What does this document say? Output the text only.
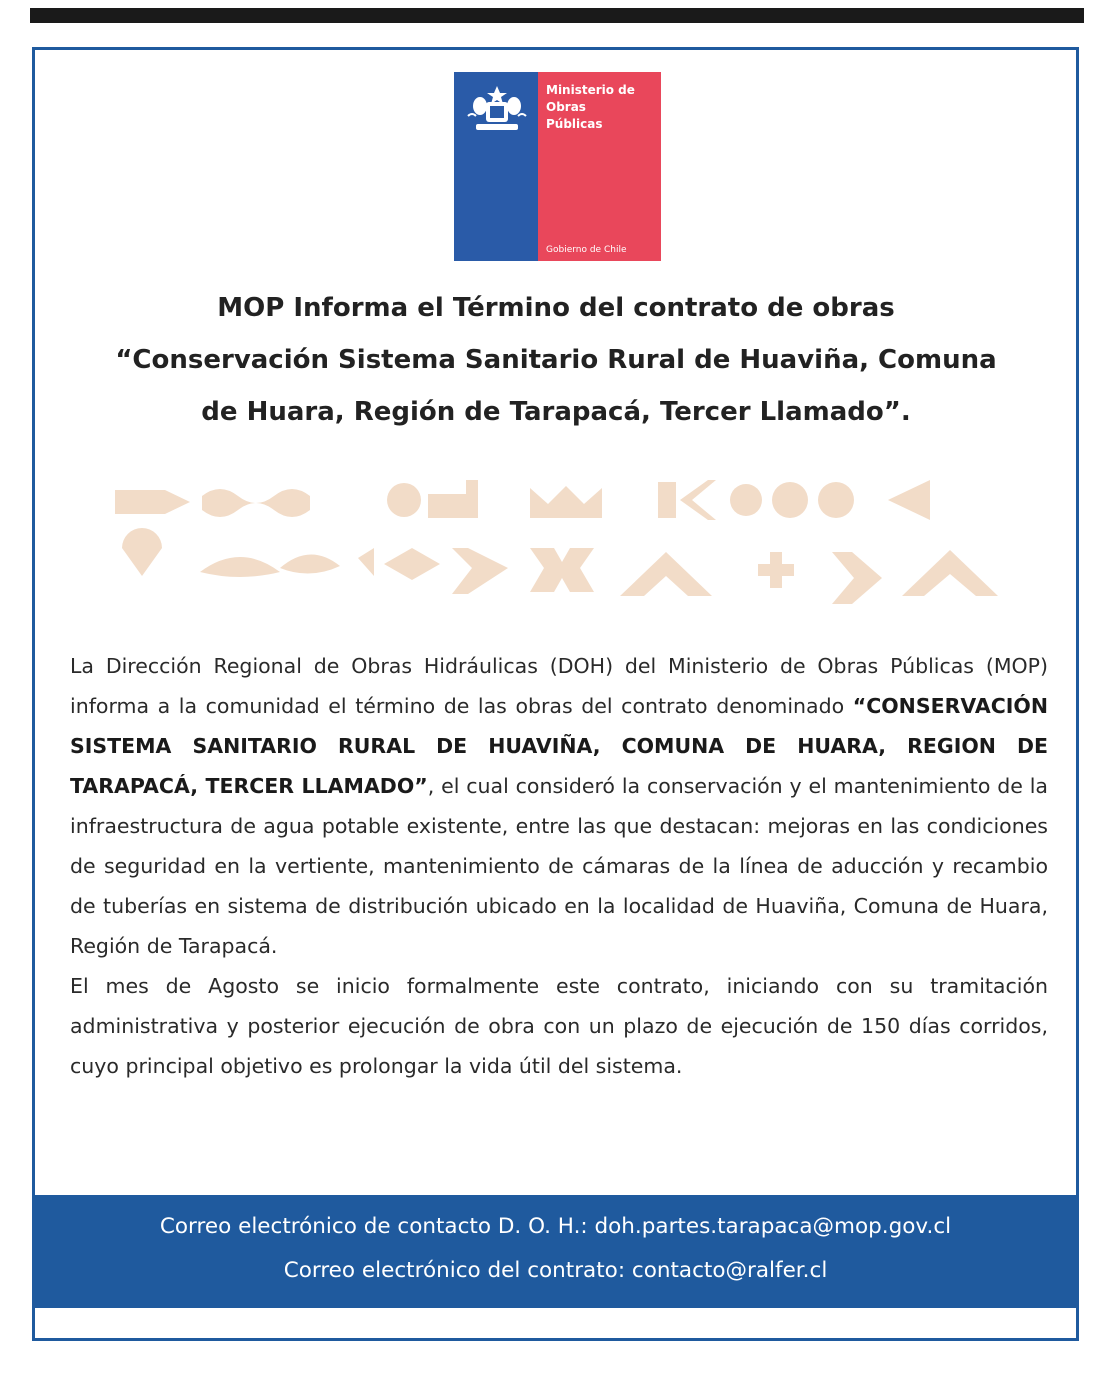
Ministerio de
Obras
Públicas
Gobierno de Chile
MOP Informa el Término del contrato de obras
“Conservación Sistema Sanitario Rural de Huaviña, Comuna
de Huara, Región de Tarapacá, Tercer Llamado”.

La Dirección Regional de Obras Hidráulicas (DOH) del Ministerio de Obras Públicas (MOP) informa a la comunidad el término de las obras del contrato denominado “CONSERVACIÓN SISTEMA SANITARIO RURAL DE HUAVIÑA, COMUNA DE HUARA, REGION DE TARAPACÁ, TERCER LLAMADO”, el cual consideró la conservación y el mantenimiento de la infraestructura de agua potable existente, entre las que destacan: mejoras en las condiciones de seguridad en la vertiente, mantenimiento de cámaras de la línea de aducción y recambio de tuberías en sistema de distribución ubicado en la localidad de Huaviña, Comuna de Huara, Región de Tarapacá.

El mes de Agosto se inicio formalmente este contrato, iniciando con su tramitación administrativa y posterior ejecución de obra con un plazo de ejecución de 150 días corridos, cuyo principal objetivo es prolongar la vida útil del sistema.

Correo electrónico de contacto D. O. H.: doh.partes.tarapaca@mop.gov.cl
Correo electrónico del contrato: contacto@ralfer.cl
